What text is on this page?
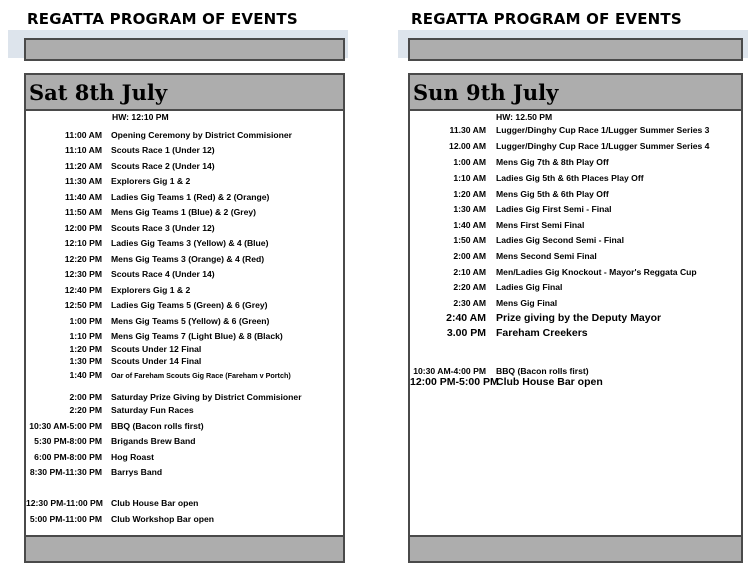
REGATTA PROGRAM OF EVENTS
Sat 8th July
HW: 12:10 PM
11:00 AM Opening Ceremony by District Commisioner
11:10 AM Scouts Race 1 (Under 12)
11:20 AM Scouts Race 2 (Under 14)
11:30 AM Explorers Gig 1 & 2
11:40 AM Ladies Gig Teams 1 (Red) & 2 (Orange)
11:50 AM Mens Gig Teams 1 (Blue) & 2 (Grey)
12:00 PM Scouts Race 3 (Under 12)
12:10 PM Ladies Gig Teams 3 (Yellow) & 4 (Blue)
12:20 PM Mens Gig Teams 3 (Orange) & 4 (Red)
12:30 PM Scouts Race 4 (Under 14)
12:40 PM Explorers Gig 1 & 2
12:50 PM Ladies Gig Teams 5 (Green) & 6 (Grey)
1:00 PM Mens Gig Teams 5 (Yellow) & 6 (Green)
1:10 PM Mens Gig Teams 7 (Light Blue) & 8 (Black)
1:20 PM Scouts Under 12 Final
1:30 PM Scouts Under 14 Final
1:40 PM Oar of Fareham Scouts Gig Race (Fareham v Portch)
2:00 PM Saturday Prize Giving by District Commisioner
2:20 PM Saturday Fun Races
10:30 AM-5:00 PM BBQ (Bacon rolls first)
5:30 PM-8:00 PM Brigands Brew Band
6:00 PM-8:00 PM Hog Roast
8:30 PM-11:30 PM Barrys Band
12:30 PM-11:00 PM Club House Bar open
5:00 PM-11:00 PM Club Workshop Bar open
REGATTA PROGRAM OF EVENTS
Sun 9th July
HW: 12.50 PM
11.30 AM Lugger/Dinghy Cup Race 1/Lugger Summer Series 3
12.00 AM Lugger/Dinghy Cup Race 1/Lugger Summer Series 4
1:00 AM Mens Gig 7th & 8th Play Off
1:10 AM Ladies Gig 5th & 6th Places Play Off
1:20 AM Mens Gig 5th & 6th Play Off
1:30 AM Ladies Gig First Semi - Final
1:40 AM Mens First Semi Final
1:50 AM Ladies Gig Second Semi - Final
2:00 AM Mens Second Semi Final
2:10 AM Men/Ladies Gig Knockout - Mayor's Reggata Cup
2:20 AM Ladies Gig Final
2:30 AM Mens Gig Final
2:40 AM Prize giving by the Deputy Mayor
3.00 PM Fareham Creekers
10:30 AM-4:00 PM BBQ (Bacon rolls first)
12:00 PM-5:00 PM
Club House Bar open
